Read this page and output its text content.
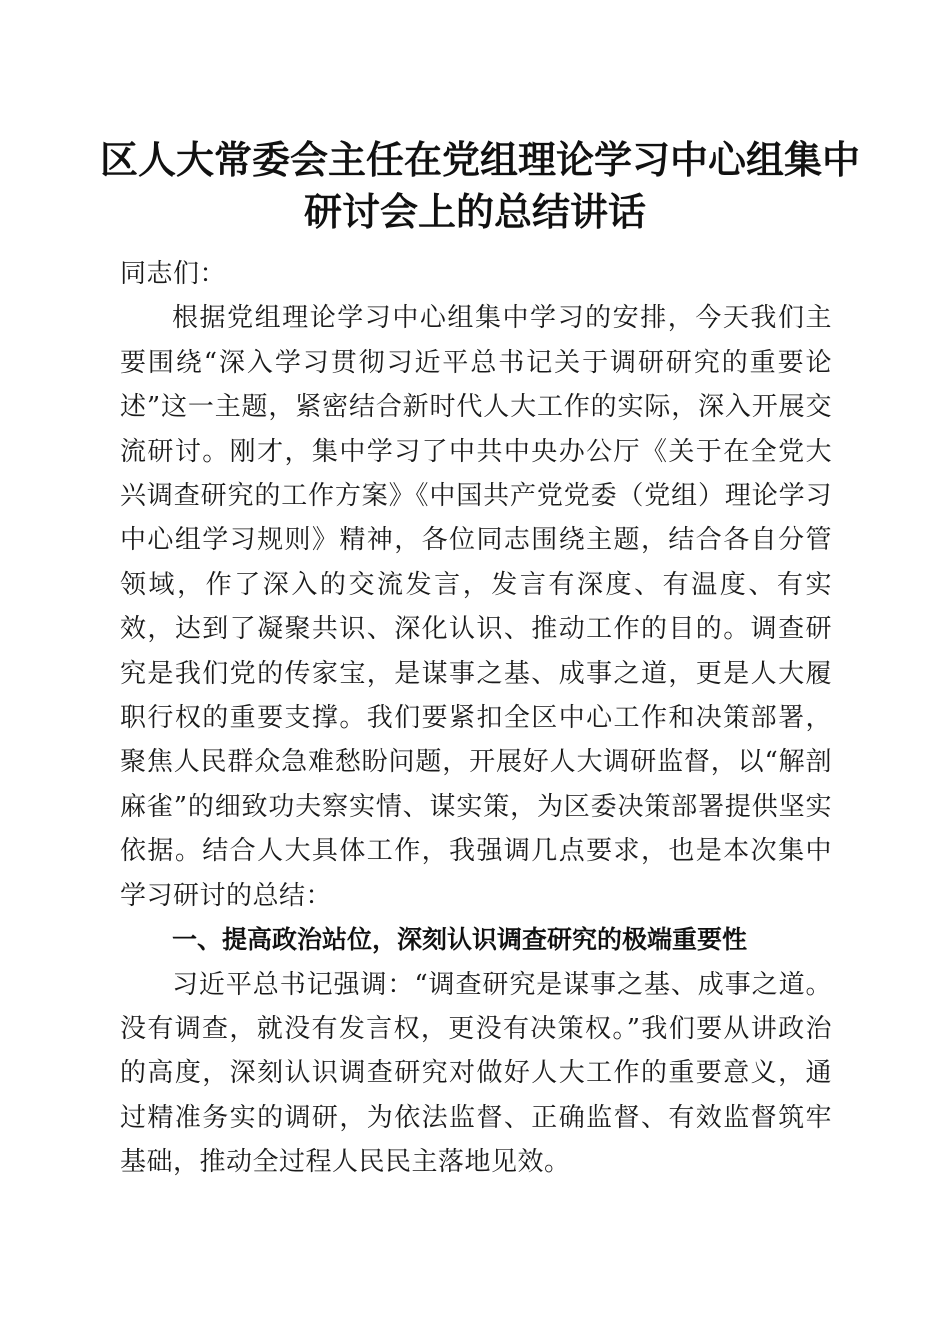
区人大常委会主任在党组理论学习中心组集中
研讨会上的总结讲话

同志们：

根据党组理论学习中心组集中学习的安排，今天我们主要围绕“深入学习贯彻习近平总书记关于调研研究的重要论述”这一主题，紧密结合新时代人大工作的实际，深入开展交流研讨。刚才，集中学习了中共中央办公厅《关于在全党大兴调查研究的工作方案》《中国共产党党委（党组）理论学习中心组学习规则》精神，各位同志围绕主题，结合各自分管领域，作了深入的交流发言，发言有深度、有温度、有实效，达到了凝聚共识、深化认识、推动工作的目的。调查研究是我们党的传家宝，是谋事之基、成事之道，更是人大履职行权的重要支撑。我们要紧扣全区中心工作和决策部署，聚焦人民群众急难愁盼问题，开展好人大调研监督，以“解剖麻雀”的细致功夫察实情、谋实策，为区委决策部署提供坚实依据。结合人大具体工作，我强调几点要求，也是本次集中学习研讨的总结：

一、提高政治站位，深刻认识调查研究的极端重要性

习近平总书记强调：“调查研究是谋事之基、成事之道。没有调查，就没有发言权，更没有决策权。”我们要从讲政治的高度，深刻认识调查研究对做好人大工作的重要意义，通过精准务实的调研，为依法监督、正确监督、有效监督筑牢基础，推动全过程人民民主落地见效。
